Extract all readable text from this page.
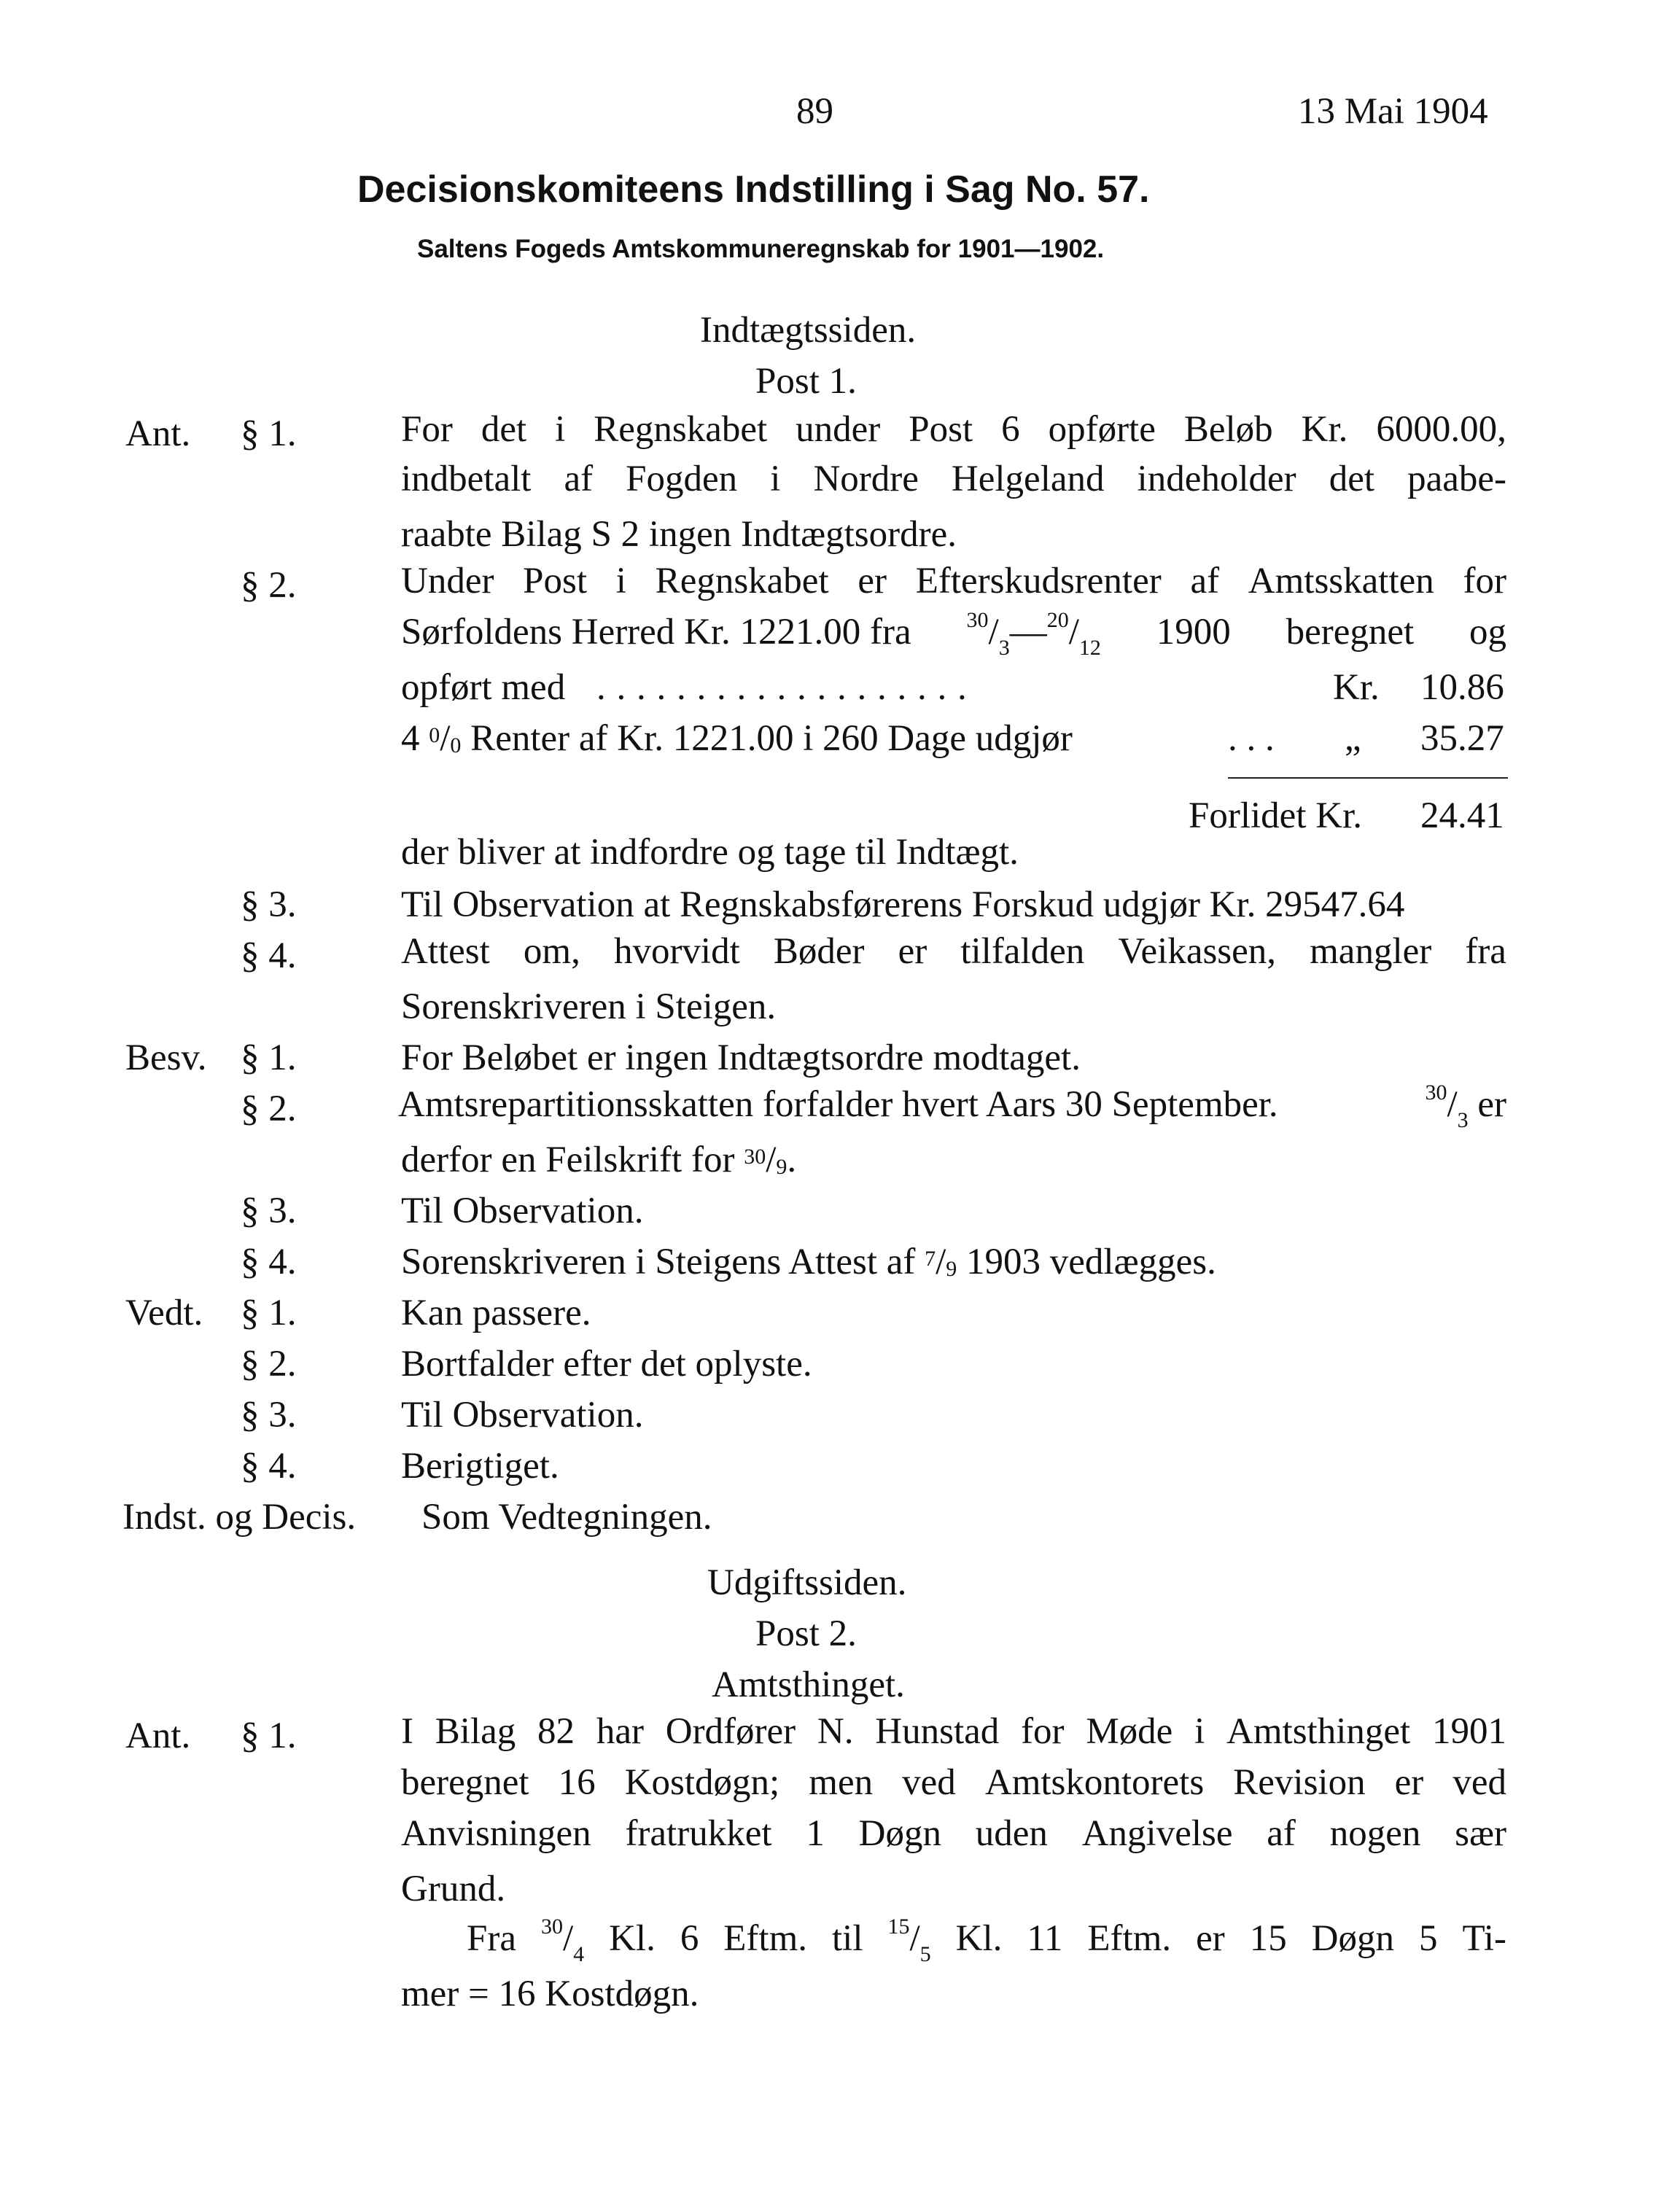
89	13 Mai 1904
Decisionskomiteens Indstilling i Sag No. 57.
Saltens Fogeds Amtskommuneregnskab for 1901—1902.
Indtægtssiden.
Post 1.
Ant. § 1.	For det i Regnskabet under Post 6 opførte Beløb Kr. 6000.00,
indbetalt af Fogden i Nordre Helgeland indeholder det paabe-
raabte Bilag S 2 ingen Indtægtsordre.
§ 2.	Under Post i Regnskabet er Efterskudsrenter af Amtsskatten for
Sørfoldens Herred Kr. 1221.00 fra	$^{30}/_3—^{20}/_{12}$ 1900 beregnet og
opført med . . . . . . . . . . . . . . . . . . .	Kr. 10.86
4 $^0/_0$ Renter af Kr. 1221.00 i 260 Dage udgjør	. . . „ 35.27
Forlidet Kr. 24.41
der bliver at indfordre og tage til Indtægt.
§ 3.	Til Observation at Regnskabsførerens Forskud udgjør Kr. 29547.64
§ 4.	Attest om, hvorvidt Bøder er tilfalden Veikassen, mangler fra
Sorenskriveren i Steigen.
Besv. § 1.	For Beløbet er ingen Indtægtsordre modtaget.
§ 2.	Amtsrepartitionsskatten forfalder hvert Aars 30 September.	$^{30}/_3$ er
derfor en Feilskrift for $^{30}/_9$.
§ 3.	Til Observation.
§ 4.	Sorenskriveren i Steigens Attest af $^7/_9$ 1903 vedlægges.
Vedt. § 1.	Kan passere.
§ 2.	Bortfalder efter det oplyste.
§ 3.	Til Observation.
§ 4.	Berigtiget.
Indst. og Decis. Som Vedtegningen.
Udgiftssiden.
Post 2.
Amtsthinget.
Ant. § 1.	I Bilag 82 har Ordfører N. Hunstad for Møde i Amtsthinget 1901
beregnet 16 Kostdøgn; men ved Amtskontorets Revision er ved
Anvisningen fratrukket 1 Døgn uden Angivelse af nogen sær
Grund.
Fra $^{30}/_4$ Kl. 6 Eftm. til $^{15}/_5$ Kl. 11 Eftm. er 15 Døgn 5 Ti-
mer = 16 Kostdøgn.
